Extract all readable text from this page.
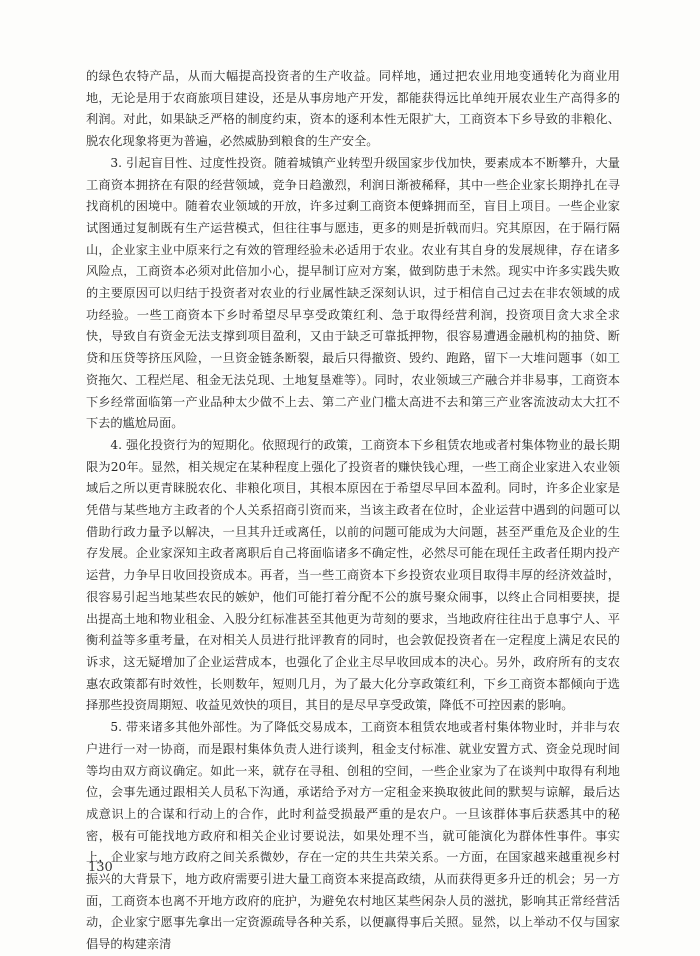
的绿色农特产品，从而大幅提高投资者的生产收益。同样地，通过把农业用地变通转化为商业用地，无论是用于农商旅项目建设，还是从事房地产开发，都能获得远比单纯开展农业生产高得多的利润。对此，如果缺乏严格的制度约束，资本的逐利本性无限扩大，工商资本下乡导致的非粮化、脱农化现象将更为普遍，必然威胁到粮食的生产安全。

3. 引起盲目性、过度性投资。随着城镇产业转型升级国家步伐加快，要素成本不断攀升，大量工商资本拥挤在有限的经营领域，竞争日趋激烈，利润日渐被稀释，其中一些企业家长期挣扎在寻找商机的困境中。随着农业领域的开放，许多过剩工商资本便蜂拥而至，盲目上项目。一些企业家试图通过复制既有生产运营模式，但往往事与愿违，更多的则是折戟而归。究其原因，在于隔行隔山，企业家主业中原来行之有效的管理经验未必适用于农业。农业有其自身的发展规律，存在诸多风险点，工商资本必须对此倍加小心，提早制订应对方案，做到防患于未然。现实中许多实践失败的主要原因可以归结于投资者对农业的行业属性缺乏深刻认识，过于相信自己过去在非农领域的成功经验。一些工商资本下乡时希望尽早享受政策红利、急于取得经营利润，投资项目贪大求全求快，导致自有资金无法支撑到项目盈利，又由于缺乏可靠抵押物，很容易遭遇金融机构的抽贷、断贷和压贷等挤压风险，一旦资金链条断裂，最后只得撤资、毁约、跑路，留下一大堆问题事（如工资拖欠、工程烂尾、租金无法兑现、土地复垦难等）。同时，农业领域三产融合并非易事，工商资本下乡经常面临第一产业品种太少做不上去、第二产业门槛太高进不去和第三产业客流波动太大扛不下去的尴尬局面。

4. 强化投资行为的短期化。依照现行的政策，工商资本下乡租赁农地或者村集体物业的最长期限为20年。显然，相关规定在某种程度上强化了投资者的赚快钱心理，一些工商企业家进入农业领域后之所以更青睐脱农化、非粮化项目，其根本原因在于希望尽早回本盈利。同时，许多企业家是凭借与某些地方主政者的个人关系招商引资而来，当该主政者在位时，企业运营中遇到的问题可以借助行政力量予以解决，一旦其升迁或离任，以前的问题可能成为大问题，甚至严重危及企业的生存发展。企业家深知主政者离职后自己将面临诸多不确定性，必然尽可能在现任主政者任期内投产运营，力争早日收回投资成本。再者，当一些工商资本下乡投资农业项目取得丰厚的经济效益时，很容易引起当地某些农民的嫉妒，他们可能打着分配不公的旗号聚众闹事，以终止合同相要挟，提出提高土地和物业租金、入股分红标准甚至其他更为苛刻的要求，当地政府往往出于息事宁人、平衡利益等多重考量，在对相关人员进行批评教育的同时，也会敦促投资者在一定程度上满足农民的诉求，这无疑增加了企业运营成本，也强化了企业主尽早收回成本的决心。另外，政府所有的支农惠农政策都有时效性，长则数年，短则几月，为了最大化分享政策红利，下乡工商资本都倾向于选择那些投资周期短、收益见效快的项目，其目的是尽早享受政策，降低不可控因素的影响。

5. 带来诸多其他外部性。为了降低交易成本，工商资本租赁农地或者村集体物业时，并非与农户进行一对一协商，而是跟村集体负责人进行谈判，租金支付标准、就业安置方式、资金兑现时间等均由双方商议确定。如此一来，就存在寻租、创租的空间，一些企业家为了在谈判中取得有利地位，会事先通过跟相关人员私下沟通，承诺给予对方一定租金来换取彼此间的默契与谅解，最后达成意识上的合谋和行动上的合作，此时利益受损最严重的是农户。一旦该群体事后获悉其中的秘密，极有可能找地方政府和相关企业讨要说法，如果处理不当，就可能演化为群体性事件。事实上，企业家与地方政府之间关系微妙，存在一定的共生共荣关系。一方面，在国家越来越重视乡村振兴的大背景下，地方政府需要引进大量工商资本来提高政绩，从而获得更多升迁的机会；另一方面，工商资本也离不开地方政府的庇护，为避免农村地区某些闲杂人员的滋扰，影响其正常经营活动，企业家宁愿事先拿出一定资源疏导各种关系，以便赢得事后关照。显然，以上举动不仅与国家倡导的构建亲清

130
